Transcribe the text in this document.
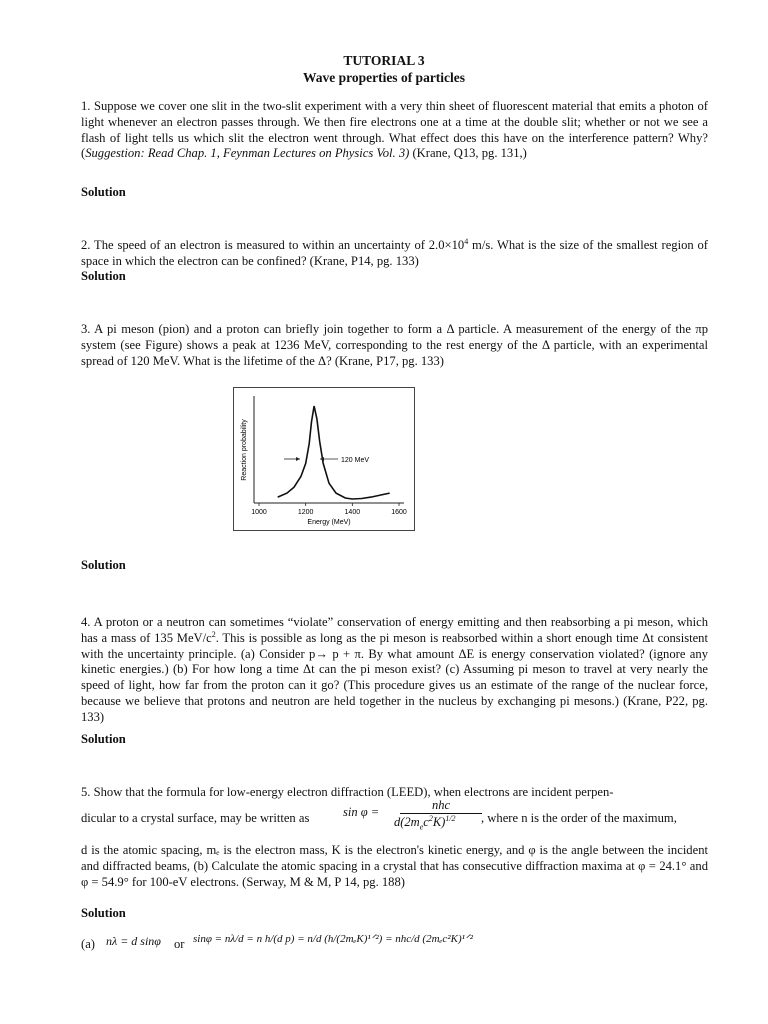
TUTORIAL 3
Wave properties of particles

1. Suppose we cover one slit in the two-slit experiment with a very thin sheet of fluorescent material that emits a photon of light whenever an electron passes through. We then fire electrons one at a time at the double slit; whether or not we see a flash of light tells us which slit the electron went through. What effect does this have on the interference pattern? Why? (Suggestion: Read Chap. 1, Feynman Lectures on Physics Vol. 3) (Krane, Q13, pg. 131,)

Solution

2. The speed of an electron is measured to within an uncertainty of $2.0\times 10^4$ m/s. What is the size of the smallest region of space in which the electron can be confined? (Krane, P14, pg. 133)

Solution

3. A pi meson (pion) and a proton can briefly join together to form a Δ particle. A measurement of the energy of the πp system (see Figure) shows a peak at 1236 MeV, corresponding to the rest energy of the Δ particle, with an experimental spread of 120 MeV. What is the lifetime of the Δ? (Krane, P17, pg. 133)

Reaction probability
Energy (MeV)
1000	1200	1400	1600
120 MeV
Solution

4. A proton or a neutron can sometimes “violate” conservation of energy emitting and then reabsorbing a pi meson, which has a mass of 135 MeV/$c^2$. This is possible as long as the pi meson is reabsorbed within a short enough time Δt consistent with the uncertainty principle. (a) Consider p→ p + π. By what amount ΔE is energy conservation violated? (ignore any kinetic energies.) (b) For how long a time Δt can the pi meson exist? (c) Assuming pi meson to travel at very nearly the speed of light, how far from the proton can it go? (This procedure gives us an estimate of the range of the nuclear force, because we believe that protons and neutron are held together in the nucleus by exchanging pi mesons.) (Krane, P22, pg. 133)

Solution

5. Show that the formula for low-energy electron diffraction (LEED), when electrons are incident perpen-

dicular to a crystal surface, may be written as	sin φ =	nhc
$d(2m_ec^2K)^{1/2}$ , where n is the order of the maximum,

d is the atomic spacing, mₑ is the electron mass, K is the electron's kinetic energy, and φ is the angle between the incident and diffracted beams, (b) Calculate the atomic spacing in a crystal that has consecutive diffraction maxima at φ = 24.1° and φ = 54.9° for 100-eV electrons. (Serway, M & M, P 14, pg. 188)

Solution
(a) nλ = d sinφ or sinφ = nλ/d = n h/(d p) = n/d (h/(2mₑK)¹ᐟ²) = nhc/d (2mₑc²K)¹ᐟ²
